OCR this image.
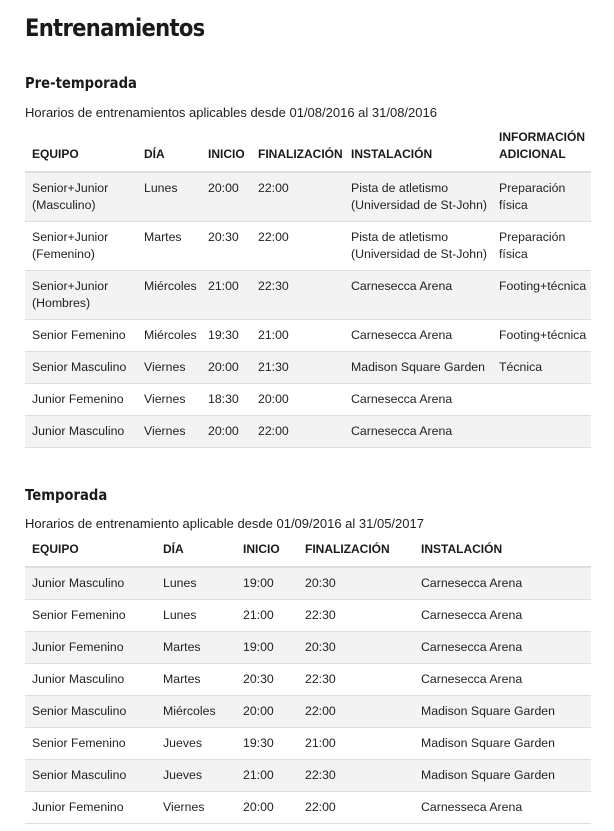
Entrenamientos
Pre-temporada

Horarios de entrenamientos aplicables desde 01/08/2016 al 31/08/2016

EQUIPO	DÍA	INICIO	FINALIZACIÓN	INSTALACIÓN	INFORMACIÓN ADICIONAL
Senior+Junior (Masculino)	Lunes	20:00	22:00	Pista de atletismo (Universidad de St-John)	Preparación física
Senior+Junior (Femenino)	Martes	20:30	22:00	Pista de atletismo (Universidad de St-John)	Preparación física
Senior+Junior (Hombres)	Miércoles	21:00	22:30	Carnesecca Arena	Footing+técnica
Senior Femenino	Miércoles	19:30	21:00	Carnesecca Arena	Footing+técnica
Senior Masculino	Viernes	20:00	21:30	Madison Square Garden	Técnica
Junior Femenino	Viernes	18:30	20:00	Carnesecca Arena	
Junior Masculino	Viernes	20:00	22:00	Carnesecca Arena	
Temporada

Horarios de entrenamiento aplicable desde 01/09/2016 al 31/05/2017

EQUIPO	DÍA	INICIO	FINALIZACIÓN	INSTALACIÓN
Junior Masculino	Lunes	19:00	20:30	Carnesecca Arena
Senior Femenino	Lunes	21:00	22:30	Carnesecca Arena
Junior Femenino	Martes	19:00	20:30	Carnesecca Arena
Junior Masculino	Martes	20:30	22:30	Carnesecca Arena
Senior Masculino	Miércoles	20:00	22:00	Madison Square Garden
Senior Femenino	Jueves	19:30	21:00	Madison Square Garden
Senior Masculino	Jueves	21:00	22:30	Madison Square Garden
Junior Femenino	Viernes	20:00	22:00	Carnesseca Arena
